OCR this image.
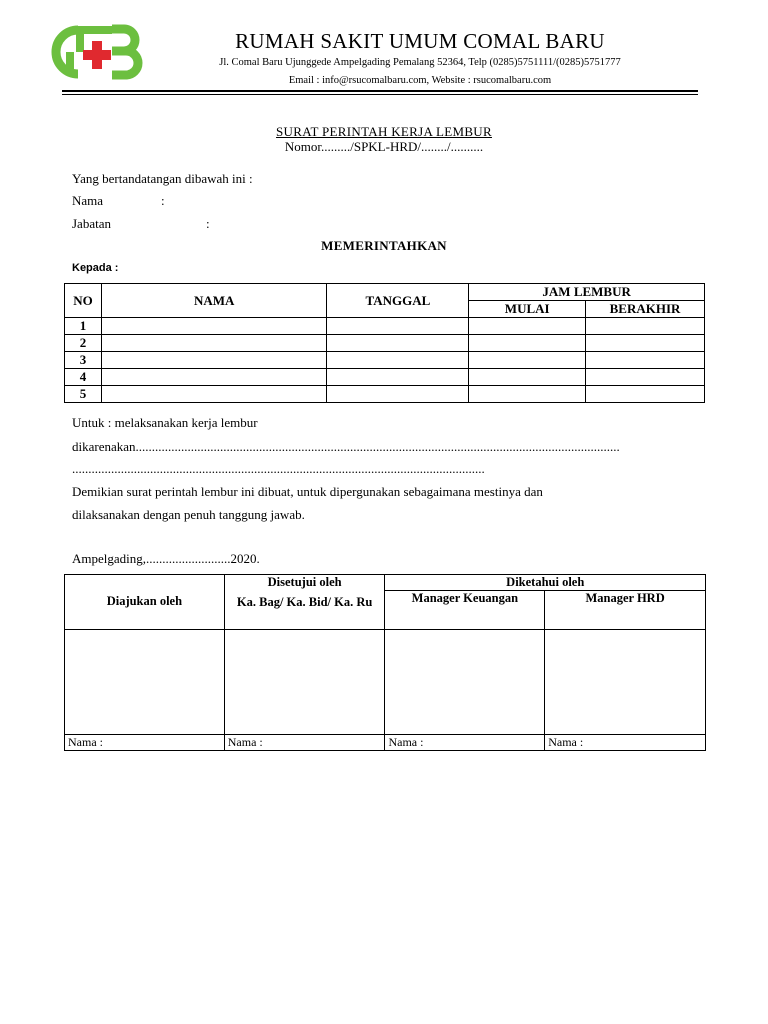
RUMAH SAKIT UMUM COMAL BARU
Jl. Comal Baru Ujunggede Ampelgading Pemalang 52364, Telp (0285)5751111/(0285)5751777
Email : info@rsucomalbaru.com, Website : rsucomalbaru.com
SURAT PERINTAH KERJA LEMBUR
Nomor........./SPKL-HRD/......../..........
Yang bertandatangan dibawah ini :
Nama	:
Jabatan	:
MEMERINTAHKAN
Kepada :
NO	NAMA	TANGGAL	JAM LEMBUR	
			MULAI	BERAKHIR
1				
2				
3				
4				
5				
Untuk : melaksanakan kerja lembur
dikarenakan.....................................................................................................................................................
...............................................................................................................................
Demikian surat perintah lembur ini dibuat, untuk dipergunakan sebagaimana mestinya dan
dilaksanakan dengan penuh tanggung jawab.
Ampelgading,..........................2020.
Diajukan oleh	Disetujui oleh	Diketahui oleh	
	Ka. Bag/ Ka. Bid/ Ka. Ru	Manager Keuangan	Manager HRD

Nama :	Nama :	Nama :	Nama :
